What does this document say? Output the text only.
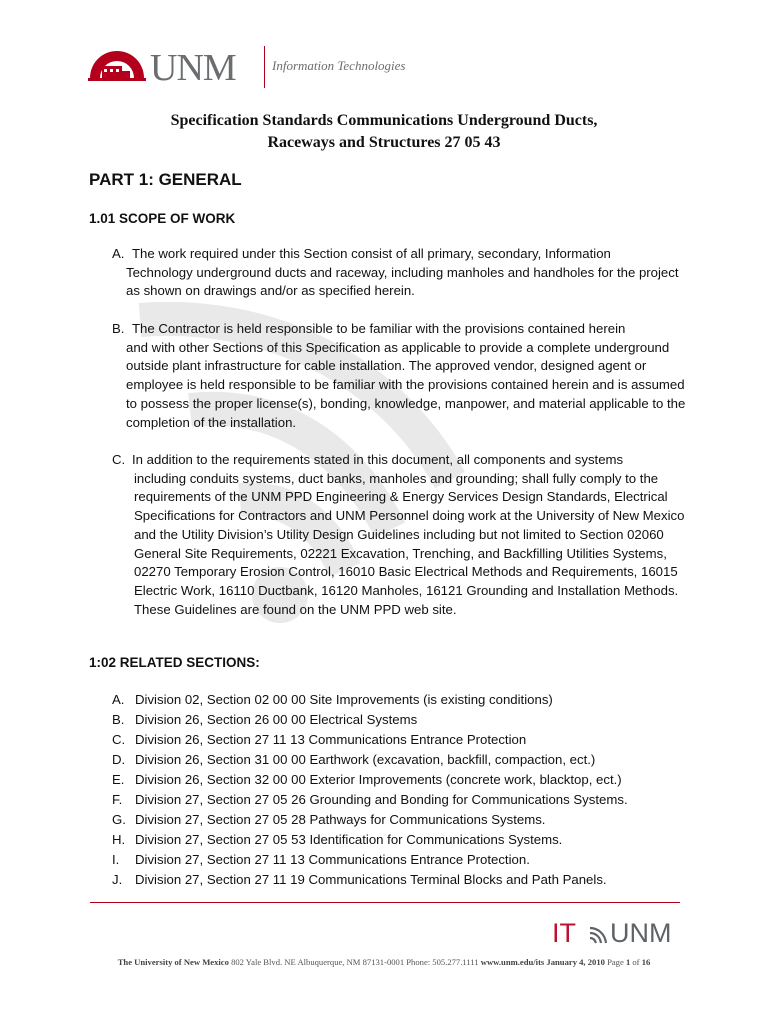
UNM	Information Technologies
Specification Standards Communications Underground Ducts,
Raceways and Structures 27 05 43
PART 1: GENERAL
1.01 SCOPE OF WORK
A. The work required under this Section consist of all primary, secondary, Information
Technology underground ducts and raceway, including manholes and handholes for the project as shown on drawings and/or as specified herein.
B. The Contractor is held responsible to be familiar with the provisions contained herein
and with other Sections of this Specification as applicable to provide a complete underground outside plant infrastructure for cable installation. The approved vendor, designed agent or employee is held responsible to be familiar with the provisions contained herein and is assumed to possess the proper license(s), bonding, knowledge, manpower, and material applicable to the completion of the installation.
C. In addition to the requirements stated in this document, all components and systems
including conduits systems, duct banks, manholes and grounding; shall fully comply to the requirements of the UNM PPD Engineering & Energy Services Design Standards, Electrical Specifications for Contractors and UNM Personnel doing work at the University of New Mexico and the Utility Division’s Utility Design Guidelines including but not limited to Section 02060 General Site Requirements, 02221 Excavation, Trenching, and Backfilling Utilities Systems, 02270 Temporary Erosion Control, 16010 Basic Electrical Methods and Requirements, 16015 Electric Work, 16110 Ductbank, 16120 Manholes, 16121 Grounding and Installation Methods. These Guidelines are found on the UNM PPD web site.
1:02 RELATED SECTIONS:
A. Division 02, Section 02 00 00 Site Improvements (is existing conditions)
B. Division 26, Section 26 00 00 Electrical Systems
C. Division 26, Section 27 11 13 Communications Entrance Protection
D. Division 26, Section 31 00 00 Earthwork (excavation, backfill, compaction, ect.)
E. Division 26, Section 32 00 00 Exterior Improvements (concrete work, blacktop, ect.)
F. Division 27, Section 27 05 26 Grounding and Bonding for Communications Systems.
G. Division 27, Section 27 05 28 Pathways for Communications Systems.
H. Division 27, Section 27 05 53 Identification for Communications Systems.
I.	Division 27, Section 27 11 13 Communications Entrance Protection.
J. Division 27, Section 27 11 19 Communications Terminal Blocks and Path Panels.
IT UNM
The University of New Mexico 802 Yale Blvd. NE Albuquerque, NM 87131-0001 Phone: 505.277.1111 www.unm.edu/its January 4, 2010 Page 1 of 16
